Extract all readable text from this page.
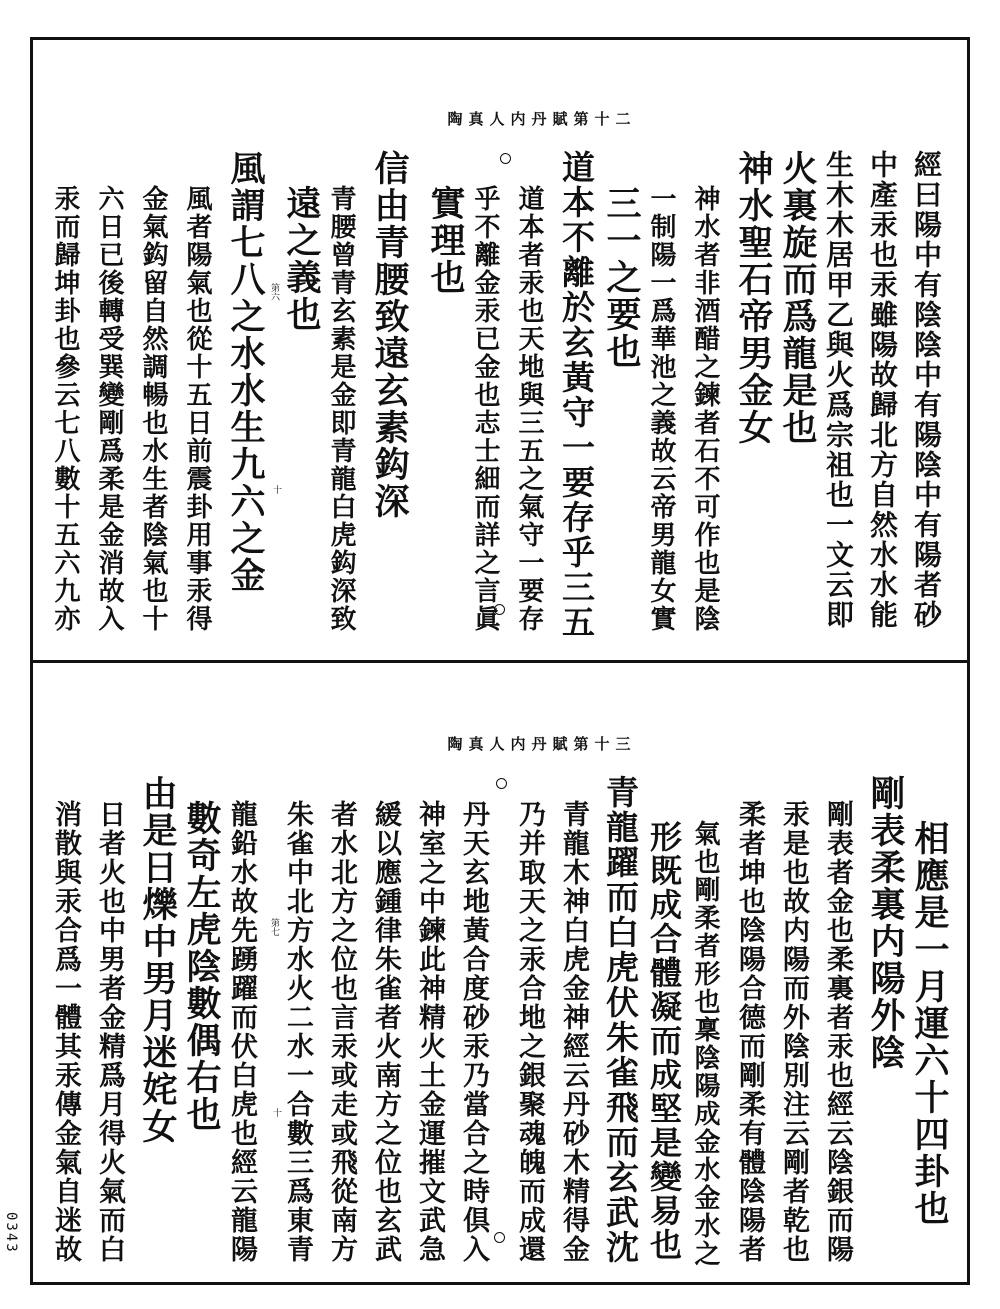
陶真人内丹賦第十二
陶真人内丹賦第十三
經曰陽中有陰陰中有陽陰中有陽者砂
中產汞也汞雖陽故歸北方自然水水能
生木木居甲乙與火爲宗祖也一文云即
火裏旋而爲龍是也
神水聖石帝男金女
神水者非酒醋之鍊者石不可作也是陰
一制陽一爲華池之義故云帝男龍女實
三一之要也
道本不離於玄黃守一要存乎三五
道本者汞也天地與三五之氣守一要存
乎不離金汞已金也志士細而詳之言眞
實理也
信由青腰致遠玄素鈎深
青腰曾青玄素是金即青龍白虎鈎深致
遠之義也
風謂七八之水水生九六之金
風者陽氣也從十五日前震卦用事汞得
金氣鈎留自然調暢也水生者陰氣也十
六日已後轉受巽變剛爲柔是金消故入
汞而歸坤卦也參云七八數十五六九亦	第六
十
相應是一月運六十四卦也
剛表柔裏内陽外陰
剛表者金也柔裏者汞也經云陰銀而陽
汞是也故内陽而外陰別注云剛者乾也
柔者坤也陰陽合德而剛柔有體陰陽者
氣也剛柔者形也稟陰陽成金水金水之
形既成合體凝而成堅是變易也
青龍躍而白虎伏朱雀飛而玄武沈
青龍木神白虎金神經云丹砂木精得金
乃并取天之汞合地之銀聚魂魄而成還
丹天玄地黃合度砂汞乃當合之時倶入
神室之中鍊此神精火土金運摧文武急
緩以應鍾律朱雀者火南方之位也玄武
者水北方之位也言汞或走或飛從南方
朱雀中北方水火二水一合數三爲東青
龍鉛水故先踴躍而伏白虎也經云龍陽
數奇左虎陰數偶右也
由是日爍中男月迷姹女
日者火也中男者金精爲月得火氣而白
消散與汞合爲一體其汞傳金氣自迷故	第七
十
0343
